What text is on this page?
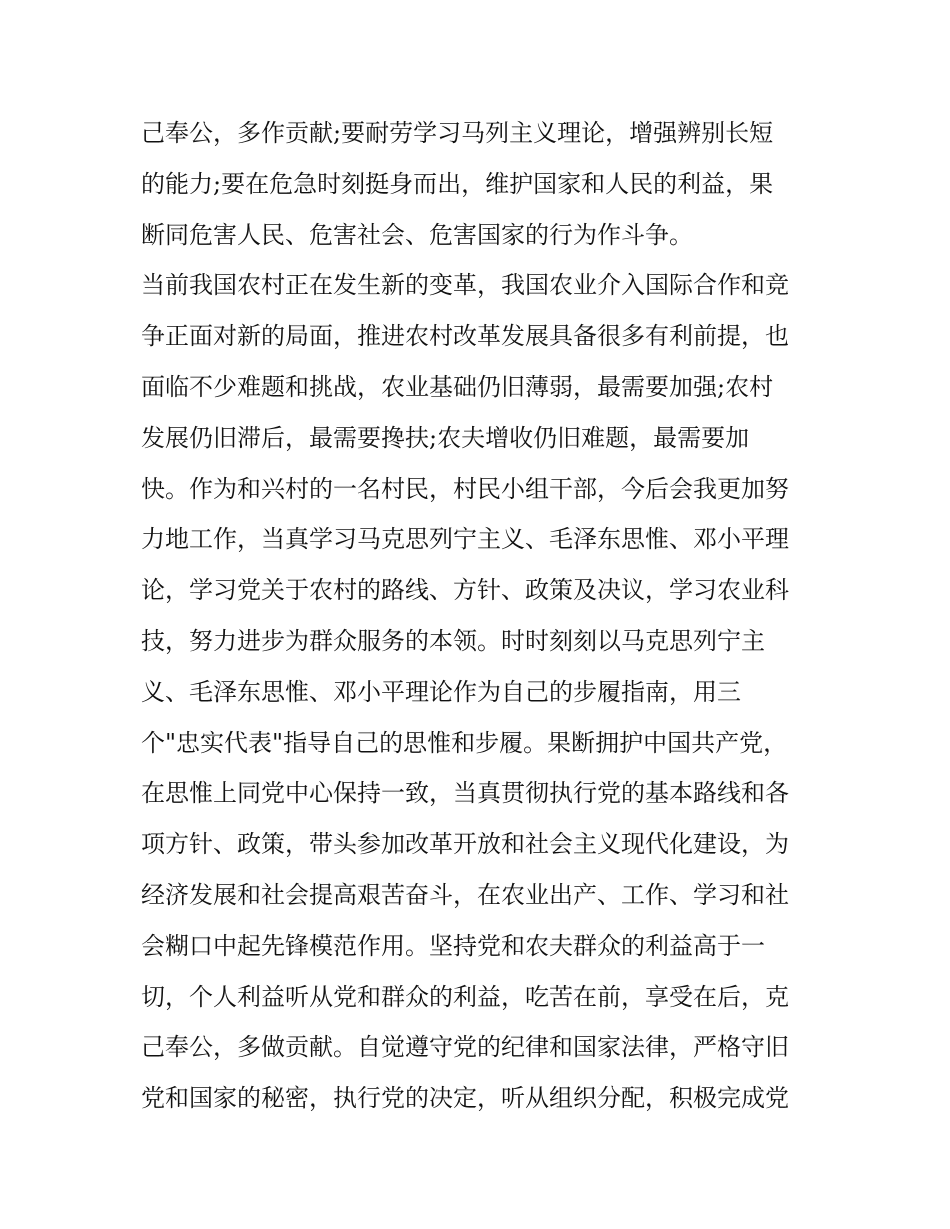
己奉公，多作贡献;要耐劳学习马列主义理论，增强辨别长短
的能力;要在危急时刻挺身而出，维护国家和人民的利益，果
断同危害人民、危害社会、危害国家的行为作斗争。
当前我国农村正在发生新的变革，我国农业介入国际合作和竞
争正面对新的局面，推进农村改革发展具备很多有利前提，也
面临不少难题和挑战，农业基础仍旧薄弱，最需要加强;农村
发展仍旧滞后，最需要搀扶;农夫增收仍旧难题，最需要加
快。作为和兴村的一名村民，村民小组干部，今后会我更加努
力地工作，当真学习马克思列宁主义、毛泽东思惟、邓小平理
论，学习党关于农村的路线、方针、政策及决议，学习农业科
技，努力进步为群众服务的本领。时时刻刻以马克思列宁主
义、毛泽东思惟、邓小平理论作为自己的步履指南，用三
个"忠实代表"指导自己的思惟和步履。果断拥护中国共产党，
在思惟上同党中心保持一致，当真贯彻执行党的基本路线和各
项方针、政策，带头参加改革开放和社会主义现代化建设，为
经济发展和社会提高艰苦奋斗，在农业出产、工作、学习和社
会糊口中起先锋模范作用。坚持党和农夫群众的利益高于一
切，个人利益听从党和群众的利益，吃苦在前，享受在后，克
己奉公，多做贡献。自觉遵守党的纪律和国家法律，严格守旧
党和国家的秘密，执行党的决定，听从组织分配，积极完成党
